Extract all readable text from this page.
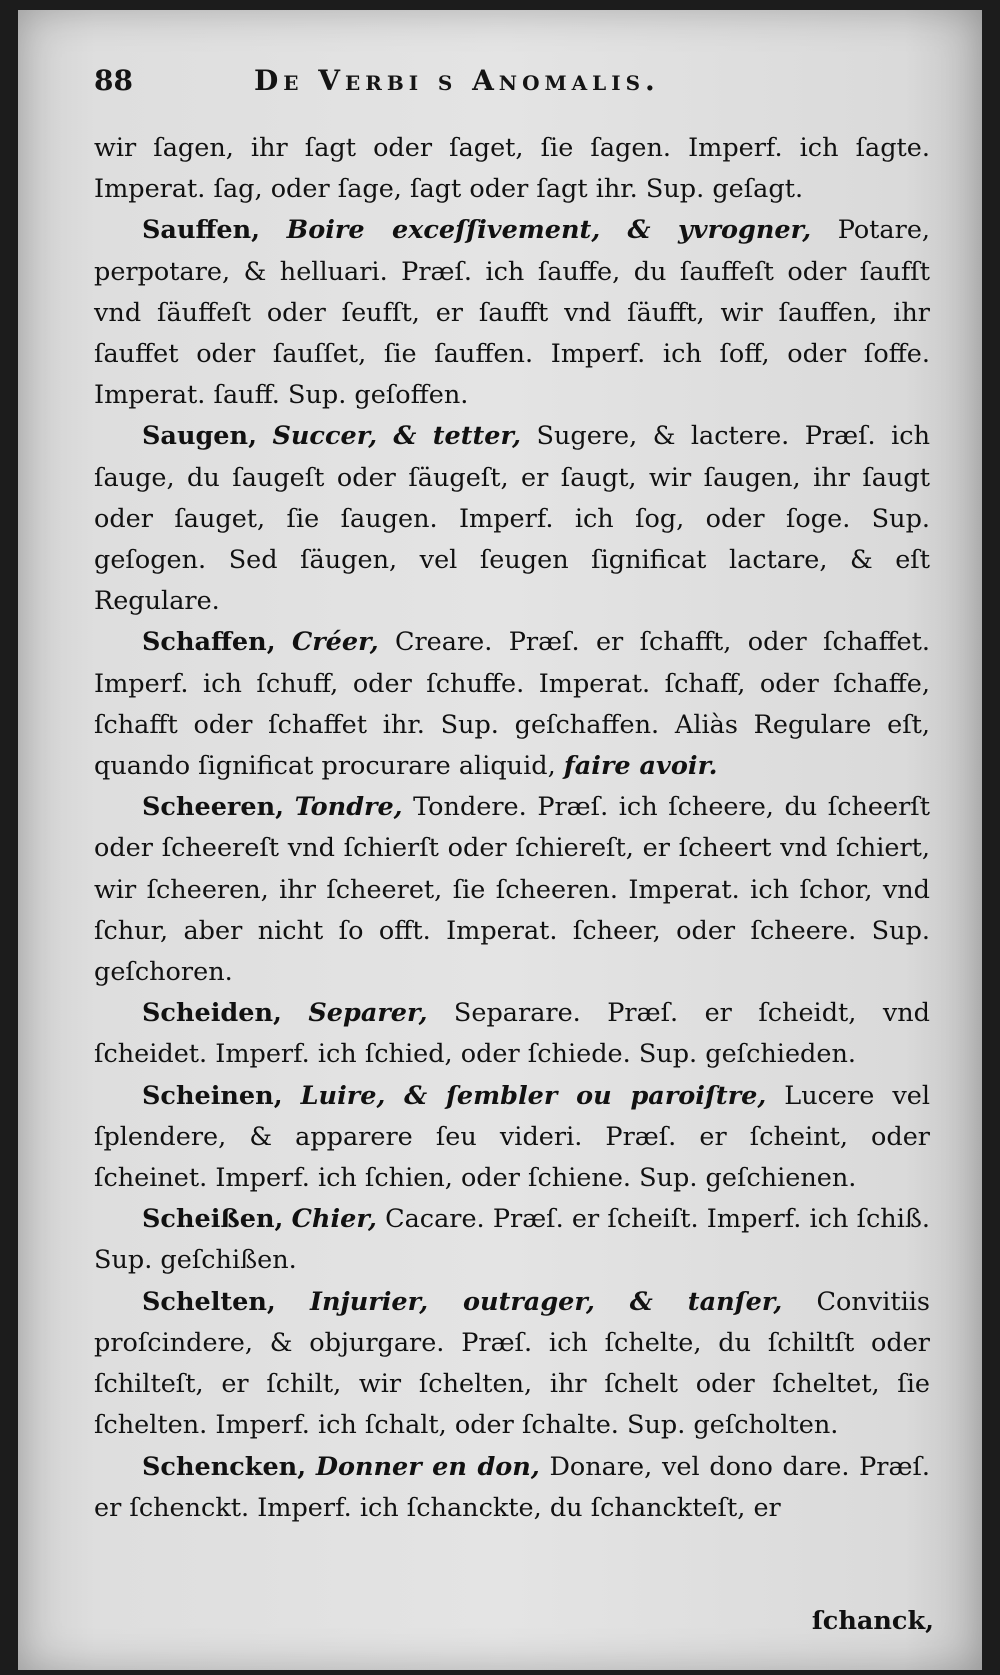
88	De Verbi s Anomalis.

wir ſagen, ihr ſagt oder ſaget, ſie ſagen. Imperf. ich ſagte. Imperat. ſag, oder ſage, ſagt oder ſagt ihr. Sup. geſagt.

Sauffen, Boire exceſſivement, & yvrogner, Potare, perpotare, & helluari. Præſ. ich ſauffe, du ſauffeſt oder ſaufſt vnd ſäuffeſt oder ſeufſt, er ſaufft vnd ſäufft, wir ſauffen, ihr ſauffet oder ſauſſet, ſie ſauffen. Imperf. ich ſoff, oder ſoffe. Imperat. ſauff. Sup. geſoffen.

Saugen, Succer, & tetter, Sugere, & lactere. Præſ. ich ſauge, du ſaugeſt oder ſäugeſt, er ſaugt, wir ſaugen, ihr ſaugt oder ſauget, ſie ſaugen. Imperf. ich ſog, oder ſoge. Sup. geſogen. Sed ſäugen, vel ſeugen ſignificat lactare, & eſt Regulare.

Schaffen, Créer, Creare. Præſ. er ſchafft, oder ſchaffet. Imperf. ich ſchuff, oder ſchuffe. Imperat. ſchaff, oder ſchaffe, ſchafft oder ſchaffet ihr. Sup. geſchaffen. Aliàs Regulare eſt, quando ſignificat procurare aliquid, faire avoir.

Scheeren, Tondre, Tondere. Præſ. ich ſcheere, du ſcheerſt oder ſcheereſt vnd ſchierſt oder ſchiereſt, er ſcheert vnd ſchiert, wir ſcheeren, ihr ſcheeret, ſie ſcheeren. Imperat. ich ſchor, vnd ſchur, aber nicht ſo offt. Imperat. ſcheer, oder ſcheere. Sup. geſchoren.

Scheiden, Separer, Separare. Præſ. er ſcheidt, vnd ſcheidet. Imperf. ich ſchied, oder ſchiede. Sup. geſchieden.

Scheinen, Luire, & ſembler ou paroiſtre, Lucere vel ſplendere, & apparere ſeu videri. Præſ. er ſcheint, oder ſcheinet. Imperf. ich ſchien, oder ſchiene. Sup. geſchienen.

Scheißen, Chier, Cacare. Præſ. er ſcheiſt. Imperf. ich ſchiß. Sup. geſchißen.

Schelten, Injurier, outrager, & tanſer, Convitiis proſcindere, & objurgare. Præſ. ich ſchelte, du ſchiltſt oder ſchilteſt, er ſchilt, wir ſchelten, ihr ſchelt oder ſcheltet, ſie ſchelten. Imperf. ich ſchalt, oder ſchalte. Sup. geſcholten.

Schencken, Donner en don, Donare, vel dono dare. Præſ. er ſchenckt. Imperf. ich ſchanckte, du ſchanckteſt, er

ſchanck,
